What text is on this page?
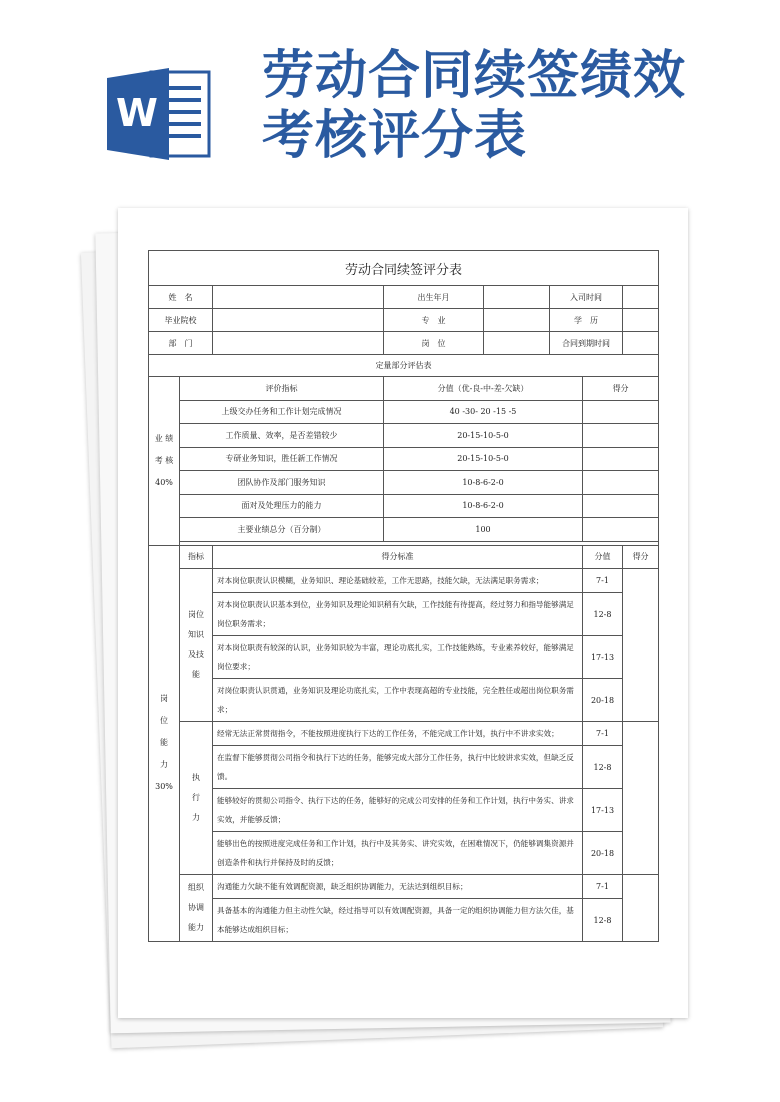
W
劳动合同续签绩效考核评分表
劳动合同续签评分表							
姓　名			出生年月		入司时间		
毕业院校			专　业		学　历		
部　门			岗　位		合同到期时间		
定量部分评估表							

业 绩
考 核
40%	评价指标		分值（优-良-中-差-欠缺）			得分	
	上级交办任务和工作计划完成情况		40 -30- 20 -15 -5				
	工作质量、效率，是否差错较少		20-15-10-5-0				
	专研业务知识，胜任新工作情况		20-15-10-5-0				
	团队协作及部门服务知识		10-8-6-2-0				
	面对及处理压力的能力		10-8-6-2-0				
	主要业绩总分（百分制）		100				

岗
位
能
力
30%	指标	得分标准				分值	得分

	岗位
知识
及技
能	对本岗位职责认识模糊，业务知识、理论基础较差，工作无思路，技能欠缺，无法满足职务需求；				7-1	
		对本岗位职责认识基本到位，业务知识及理论知识稍有欠缺，工作技能有待提高，经过努力和指导能够满足岗位职务需求；				12-8	
		对本岗位职责有较深的认识，业务知识较为丰富，理论功底扎实，工作技能熟练，专业素养较好，能够满足岗位要求；				17-13	
		对岗位职责认识贯通，业务知识及理论功底扎实，工作中表现高超的专业技能，完全胜任或超出岗位职务需求；				20-18	

	执
行
力	经常无法正常贯彻指令，不能按照进度执行下达的工作任务，不能完成工作计划，执行中不讲求实效；				7-1	
		在监督下能够贯彻公司指令和执行下达的任务，能够完成大部分工作任务，执行中比较讲求实效，但缺乏反馈。				12-8	
		能够较好的贯彻公司指令、执行下达的任务，能够好的完成公司安排的任务和工作计划，执行中务实、讲求实效，并能够反馈；				17-13	
		能够出色的按照进度完成任务和工作计划，执行中及其务实、讲究实效，在困难情况下，仍能够调集资源并创造条件和执行并保持及时的反馈；				20-18	

	组织
协调
能力	沟通能力欠缺不能有效调配资源，缺乏组织协调能力，无法达到组织目标；				7-1	
		具备基本的沟通能力但主动性欠缺，经过指导可以有效调配资源，具备一定的组织协调能力但方法欠佳，基本能够达成组织目标；				12-8	
